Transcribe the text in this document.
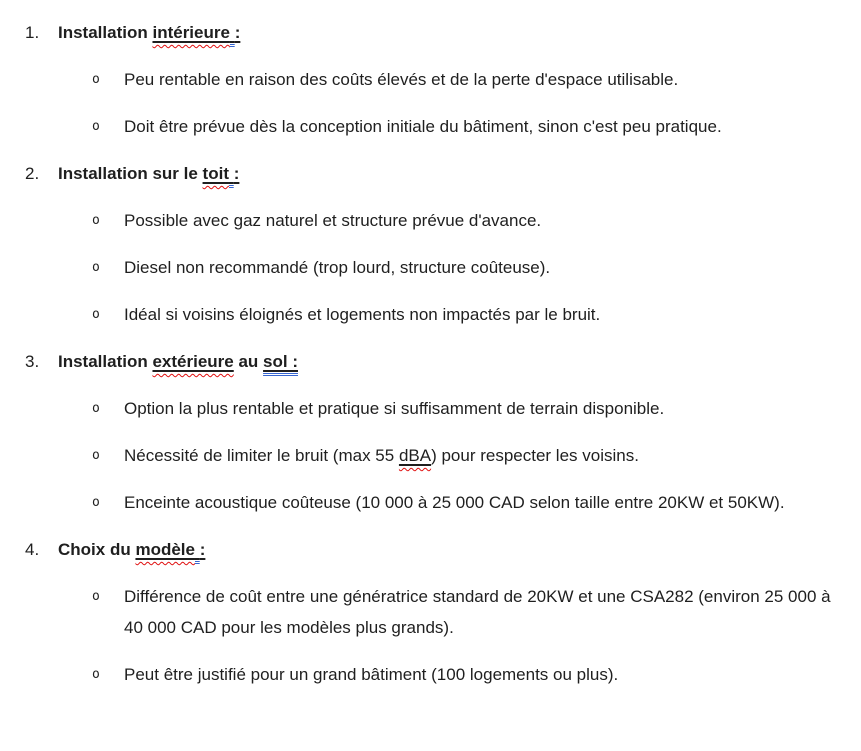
1.	Installation intérieure :
o	Peu rentable en raison des coûts élevés et de la perte d'espace utilisable.

o	Doit être prévue dès la conception initiale du bâtiment, sinon c'est peu pratique.

2.	Installation sur le toit :
o	Possible avec gaz naturel et structure prévue d'avance.

o	Diesel non recommandé (trop lourd, structure coûteuse).

o	Idéal si voisins éloignés et logements non impactés par le bruit.

3.	Installation extérieure au sol :
o	Option la plus rentable et pratique si suffisamment de terrain disponible.

o	Nécessité de limiter le bruit (max 55 dBA) pour respecter les voisins.

o	Enceinte acoustique coûteuse (10 000 à 25 000 CAD selon taille entre 20KW et 50KW).

4.	Choix du modèle :
o	Différence de coût entre une génératrice standard de 20KW et une CSA282 (environ 25 000 à 40 000 CAD pour les modèles plus grands).

o	Peut être justifié pour un grand bâtiment (100 logements ou plus).
